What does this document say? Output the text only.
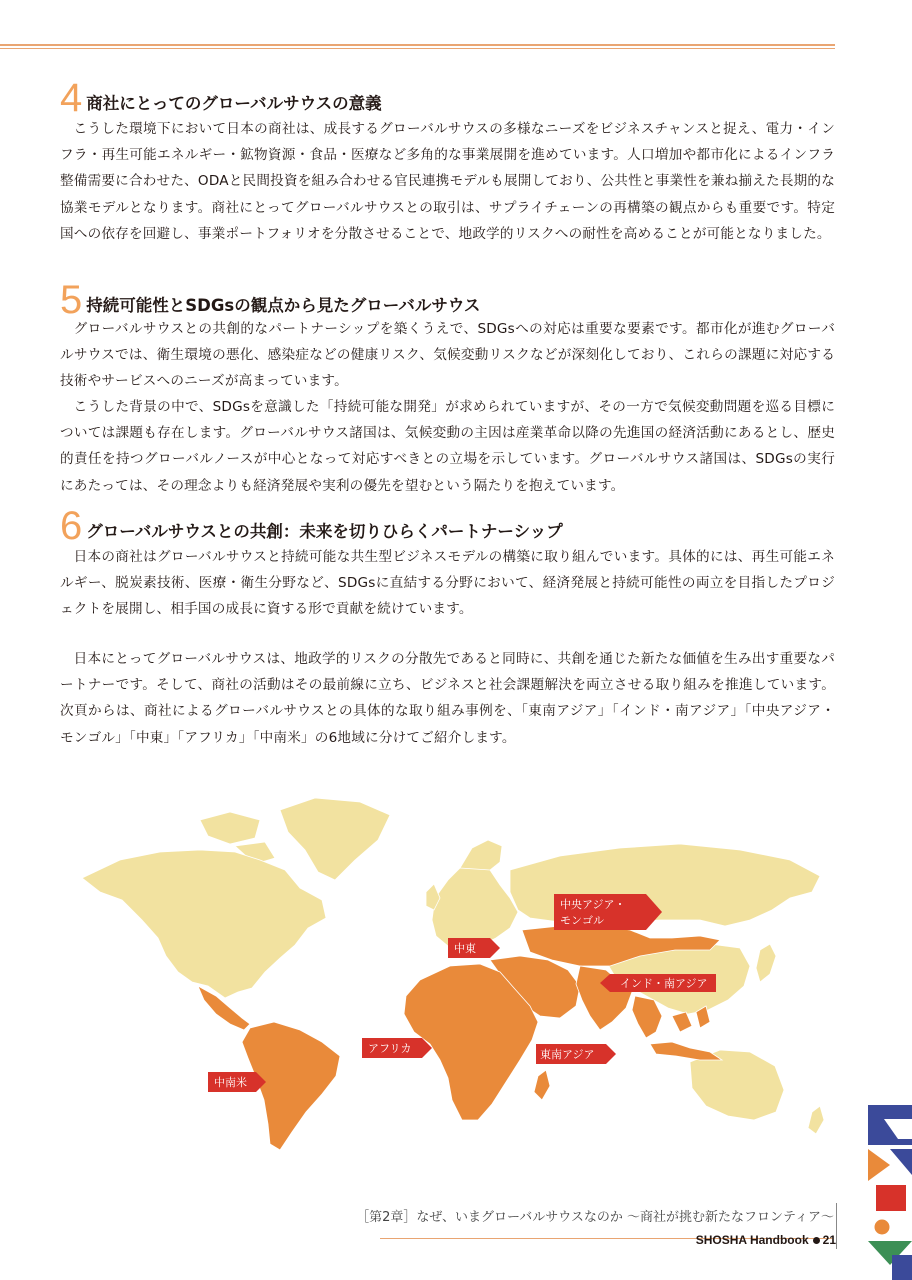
4 商社にとってのグローバルサウスの意義

こうした環境下において日本の商社は、成長するグローバルサウスの多様なニーズをビジネスチャンスと捉え、電力・インフラ・再生可能エネルギー・鉱物資源・食品・医療など多角的な事業展開を進めています。人口増加や都市化によるインフラ整備需要に合わせた、ODAと民間投資を組み合わせる官民連携モデルも展開しており、公共性と事業性を兼ね揃えた長期的な協業モデルとなります。商社にとってグローバルサウスとの取引は、サプライチェーンの再構築の観点からも重要です。特定国への依存を回避し、事業ポートフォリオを分散させることで、地政学的リスクへの耐性を高めることが可能となりました。

5 持続可能性とSDGsの観点から見たグローバルサウス

グローバルサウスとの共創的なパートナーシップを築くうえで、SDGsへの対応は重要な要素です。都市化が進むグローバルサウスでは、衛生環境の悪化、感染症などの健康リスク、気候変動リスクなどが深刻化しており、これらの課題に対応する技術やサービスへのニーズが高まっています。

こうした背景の中で、SDGsを意識した「持続可能な開発」が求められていますが、その一方で気候変動問題を巡る目標については課題も存在します。グローバルサウス諸国は、気候変動の主因は産業革命以降の先進国の経済活動にあるとし、歴史的責任を持つグローバルノースが中心となって対応すべきとの立場を示しています。グローバルサウス諸国は、SDGsの実行にあたっては、その理念よりも経済発展や実利の優先を望むという隔たりを抱えています。

6 グローバルサウスとの共創：未来を切りひらくパートナーシップ

日本の商社はグローバルサウスと持続可能な共生型ビジネスモデルの構築に取り組んでいます。具体的には、再生可能エネルギー、脱炭素技術、医療・衛生分野など、SDGsに直結する分野において、経済発展と持続可能性の両立を目指したプロジェクトを展開し、相手国の成長に資する形で貢献を続けています。

日本にとってグローバルサウスは、地政学的リスクの分散先であると同時に、共創を通じた新たな価値を生み出す重要なパートナーです。そして、商社の活動はその最前線に立ち、ビジネスと社会課題解決を両立させる取り組みを推進しています。次頁からは、商社によるグローバルサウスとの具体的な取り組み事例を、「東南アジア」「インド・南アジア」「中央アジア・モンゴル」「中東」「アフリカ」「中南米」の6地域に分けてご紹介します。

中央アジア・
モンゴル
中東
インド・南アジア
アフリカ	東南アジア
中南米
［第2章］なぜ、いまグローバルサウスなのか ～商社が挑む新たなフロンティア～
SHOSHA Handbook 21
